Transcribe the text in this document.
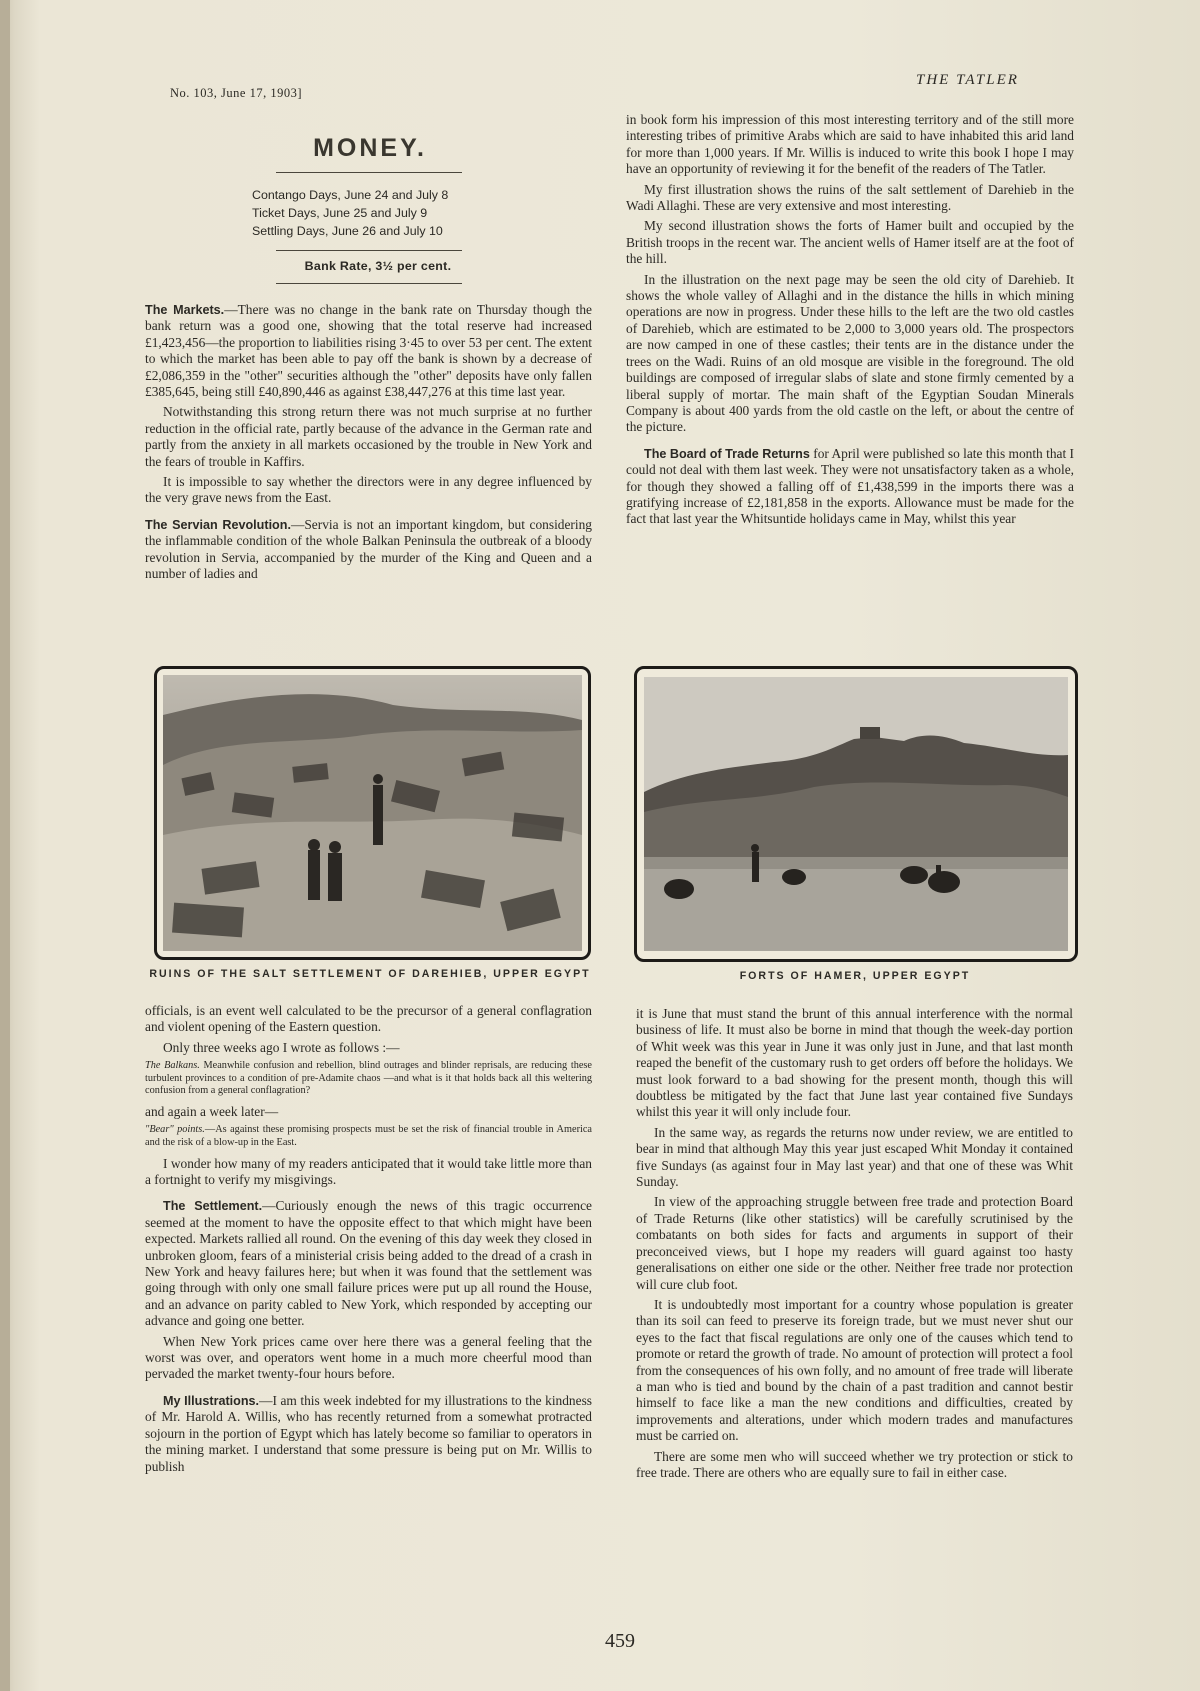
No. 103, June 17, 1903]
THE TATLER
MONEY.
Contango Days, June 24 and July 8
Ticket Days, June 25 and July 9
Settling Days, June 26 and July 10
Bank Rate, 3½ per cent.

The Markets.—There was no change in the bank rate on Thursday though the bank return was a good one, showing that the total reserve had increased £1,423,456—the proportion to liabilities rising 3·45 to over 53 per cent. The extent to which the market has been able to pay off the bank is shown by a decrease of £2,086,359 in the "other" securities although the "other" deposits have only fallen £385,645, being still £40,890,446 as against £38,447,276 at this time last year.

Notwithstanding this strong return there was not much surprise at no further reduction in the official rate, partly because of the advance in the German rate and partly from the anxiety in all markets occasioned by the trouble in New York and the fears of trouble in Kaffirs.

It is impossible to say whether the directors were in any degree influenced by the very grave news from the East.

The Servian Revolution.—Servia is not an important kingdom, but considering the inflammable condition of the whole Balkan Peninsula the outbreak of a bloody revolution in Servia, accompanied by the murder of the King and Queen and a number of ladies and

in book form his impression of this most interesting territory and of the still more interesting tribes of primitive Arabs which are said to have inhabited this arid land for more than 1,000 years. If Mr. Willis is induced to write this book I hope I may have an opportunity of reviewing it for the benefit of the readers of The Tatler.

My first illustration shows the ruins of the salt settlement of Darehieb in the Wadi Allaghi. These are very extensive and most interesting.

My second illustration shows the forts of Hamer built and occupied by the British troops in the recent war. The ancient wells of Hamer itself are at the foot of the hill.

In the illustration on the next page may be seen the old city of Darehieb. It shows the whole valley of Allaghi and in the distance the hills in which mining operations are now in progress. Under these hills to the left are the two old castles of Darehieb, which are estimated to be 2,000 to 3,000 years old. The prospectors are now camped in one of these castles; their tents are in the distance under the trees on the Wadi. Ruins of an old mosque are visible in the foreground. The old buildings are composed of irregular slabs of slate and stone firmly cemented by a liberal supply of mortar. The main shaft of the Egyptian Soudan Minerals Company is about 400 yards from the old castle on the left, or about the centre of the picture.

The Board of Trade Returns for April were published so late this month that I could not deal with them last week. They were not unsatisfactory taken as a whole, for though they showed a falling off of £1,438,599 in the imports there was a gratifying increase of £2,181,858 in the exports. Allowance must be made for the fact that last year the Whitsuntide holidays came in May, whilst this year

RUINS OF THE SALT SETTLEMENT OF DAREHIEB, UPPER EGYPT	FORTS OF HAMER, UPPER EGYPT

officials, is an event well calculated to be the precursor of a general conflagration and violent opening of the Eastern question.

Only three weeks ago I wrote as follows :—

The Balkans. Meanwhile confusion and rebellion, blind outrages and blinder reprisals, are reducing these turbulent provinces to a condition of pre-Adamite chaos —and what is it that holds back all this weltering confusion from a general conflagration?

and again a week later—

"Bear" points.—As against these promising prospects must be set the risk of financial trouble in America and the risk of a blow-up in the East.

I wonder how many of my readers anticipated that it would take little more than a fortnight to verify my misgivings.

The Settlement.—Curiously enough the news of this tragic occurrence seemed at the moment to have the opposite effect to that which might have been expected. Markets rallied all round. On the evening of this day week they closed in unbroken gloom, fears of a ministerial crisis being added to the dread of a crash in New York and heavy failures here; but when it was found that the settlement was going through with only one small failure prices were put up all round the House, and an advance on parity cabled to New York, which responded by accepting our advance and going one better.

When New York prices came over here there was a general feeling that the worst was over, and operators went home in a much more cheerful mood than pervaded the market twenty-four hours before.

My Illustrations.—I am this week indebted for my illustrations to the kindness of Mr. Harold A. Willis, who has recently returned from a somewhat protracted sojourn in the portion of Egypt which has lately become so familiar to operators in the mining market. I understand that some pressure is being put on Mr. Willis to publish

it is June that must stand the brunt of this annual interference with the normal business of life. It must also be borne in mind that though the week-day portion of Whit week was this year in June it was only just in June, and that last month reaped the benefit of the customary rush to get orders off before the holidays. We must look forward to a bad showing for the present month, though this will doubtless be mitigated by the fact that June last year contained five Sundays whilst this year it will only include four.

In the same way, as regards the returns now under review, we are entitled to bear in mind that although May this year just escaped Whit Monday it contained five Sundays (as against four in May last year) and that one of these was Whit Sunday.

In view of the approaching struggle between free trade and protection Board of Trade Returns (like other statistics) will be carefully scrutinised by the combatants on both sides for facts and arguments in support of their preconceived views, but I hope my readers will guard against too hasty generalisations on either one side or the other. Neither free trade nor protection will cure club foot.

It is undoubtedly most important for a country whose population is greater than its soil can feed to preserve its foreign trade, but we must never shut our eyes to the fact that fiscal regulations are only one of the causes which tend to promote or retard the growth of trade. No amount of protection will protect a fool from the consequences of his own folly, and no amount of free trade will liberate a man who is tied and bound by the chain of a past tradition and cannot bestir himself to face like a man the new conditions and difficulties, created by improvements and alterations, under which modern trades and manufactures must be carried on.

There are some men who will succeed whether we try protection or stick to free trade. There are others who are equally sure to fail in either case.

459
